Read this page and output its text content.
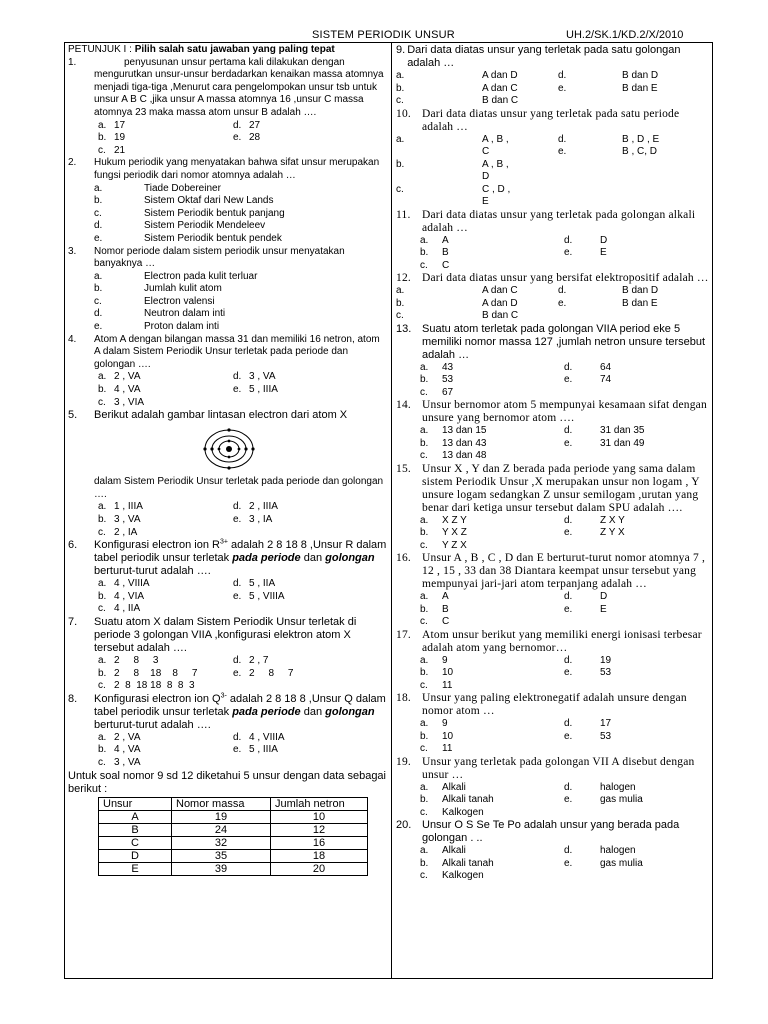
SISTEM PERIODIK UNSUR	UH.2/SK.1/KD.2/X/2010
PETUNJUK I : Pilih salah satu jawaban yang paling tepat
1.	penyusunan unsur pertama kali dilakukan dengan mengurutkan unsur-unsur berdadarkan kenaikan massa atomnya menjadi tiga-tiga ,Menurut cara pengelompokan unsur tsb untuk unsur A B C ,jika unsur A massa atomnya 16 ,unsur C massa atomnya 23 maka massa atom unsur B adalah ….
a. 17	d. 27
b. 19	e. 28
c. 21
2.	Hukum periodik yang menyatakan bahwa sifat unsur merupakan fungsi periodik dari nomor atomnya adalah …
a.	Tiade Dobereiner
b.	Sistem Oktaf dari New Lands
c.	Sistem Periodik bentuk panjang
d.	Sistem Periodik Mendeleev
e.	Sistem Periodik bentuk pendek
3.	Nomor periode dalam sistem periodik unsur menyatakan banyaknya …
a.	Electron pada kulit terluar
b.	Jumlah kulit atom
c.	Electron valensi
d.	Neutron dalam inti
e.	Proton dalam inti
4.	Atom A dengan bilangan massa 31 dan memiliki 16 netron, atom A dalam Sistem Periodik Unsur terletak pada periode dan golongan ….
a. 2 , VA	d. 3 , VA
b. 4 , VA	e. 5 , IIIA
c. 3 , VIA
5.	Berikut adalah gambar lintasan electron dari atom X
dalam Sistem Periodik Unsur terletak pada periode dan golongan ….
a. 1 , IIIA	d. 2 , IIIA
b. 3 , VA	e. 3 , IA
c. 2 , IA
6.	Konfigurasi electron ion $R^{3+}$ adalah 2 8 18 8 ,Unsur R dalam tabel periodik unsur terletak pada periode dan golongan berturut-turut adalah ….
a. 4 , VIIIA	d. 5 , IIA
b. 4 , VIA	e. 5 , VIIIA
c. 4 , IIA
7.	Suatu atom X dalam Sistem Periodik Unsur terletak di periode 3 golongan VIIA ,konfigurasi elektron atom X tersebut adalah ….
a. 2     8     3	d. 2 , 7
b. 2     8    18    8     7	e. 2     8     7
c. 2  8  18 18  8  8  3
8.	Konfigurasi electron ion $Q^{3-}$ adalah 2 8 18 8 ,Unsur Q dalam tabel periodik unsur terletak pada periode dan golongan berturut-turut adalah ….
a. 2 , VA	d. 4 , VIIIA
b. 4 , VA	e. 5 , IIIA
c. 3 , VA
Untuk soal nomor 9 sd 12 diketahui 5 unsur dengan data sebagai berikut :
Unsur	Nomor massa	Jumlah netron
A	19	10
B	24	12
C	32	16
D	35	18
E	39	20
9. Dari data diatas unsur yang terletak pada satu golongan adalah …
a.	A dan D	d.	B dan D
b.	A dan C	e.	B dan E
c.	B dan C
10. Dari data diatas unsur yang terletak pada satu periode adalah …
a.	A , B ,	d.	B , D , E
C	e.	B , C, D
b.	A , B ,
D
c.	C , D ,
E
11. Dari data diatas unsur yang terletak pada golongan alkali adalah …
a.	A	d.	D
b.	B	e.	E
c.	C
12. Dari data diatas unsur yang bersifat elektropositif adalah …
a.	A dan C	d.	B dan D
b.	A dan D	e.	B dan E
c.	B dan C
13. Suatu atom terletak pada golongan VIIA period eke 5 memiliki nomor massa 127 ,jumlah netron unsure tersebut adalah …
a.	43	d.	64
b.	53	e.	74
c.	67
14. Unsur bernomor atom 5 mempunyai kesamaan sifat dengan unsure yang bernomor atom ….
a.	13 dan 15	d.	31 dan 35
b.	13 dan 43	e.	31 dan 49
c.	13 dan 48
15. Unsur X , Y dan Z berada pada periode yang sama dalam sistem Periodik Unsur ,X merupakan unsur non logam , Y unsure logam sedangkan Z unsur semilogam ,urutan yang benar dari ketiga unsur tersebut dalam SPU adalah ….
a.	X Z Y	d.	Z X Y
b.	Y X Z	e.	Z Y X
c.	Y Z X
16. Unsur A , B , C , D dan E berturut-turut nomor atomnya 7 , 12 , 15 , 33 dan 38 Diantara keempat unsur tersebut yang mempunyai jari-jari atom terpanjang adalah …
a.	A	d.	D
b.	B	e.	E
c.	C
17. Atom unsur berikut yang memiliki energi ionisasi terbesar adalah atom yang bernomor…
a.	9	d.	19
b.	10	e.	53
c.	11
18. Unsur yang paling elektronegatif adalah unsure dengan nomor atom …
a.	9	d.	17
b.	10	e.	53
c.	11
19. Unsur yang terletak pada golongan VII A disebut dengan unsur …
a.	Alkali	d.	halogen
b.	Alkali tanah	e.	gas mulia
c.	Kalkogen
20. Unsur O S Se Te Po adalah unsur yang berada pada golongan . ..
a.	Alkali	d.	halogen
b.	Alkali tanah	e.	gas mulia
c.	Kalkogen
